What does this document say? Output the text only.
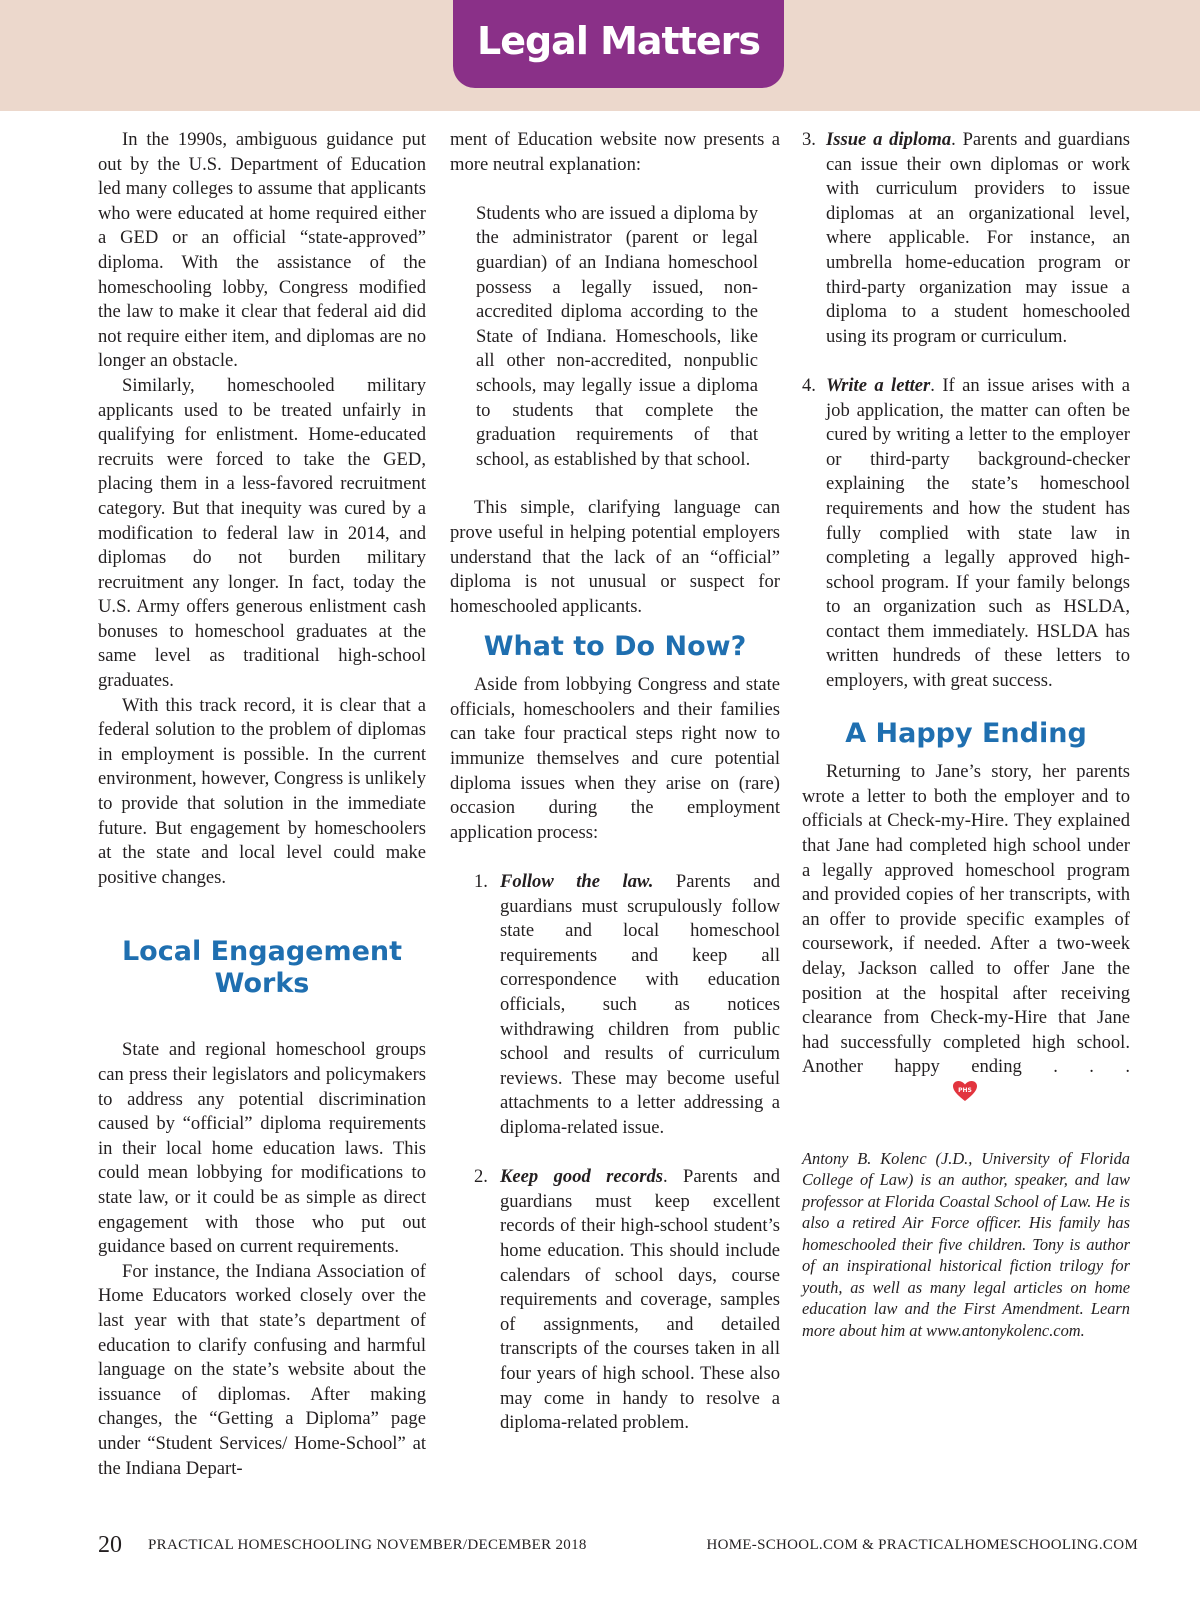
Legal Matters

In the 1990s, ambiguous guidance put out by the U.S. Department of Education led many colleges to assume that applicants who were educated at home required either a GED or an official “state-approved” diploma. With the assistance of the homeschooling lobby, Congress modified the law to make it clear that federal aid did not require either item, and diplomas are no longer an obstacle.

Similarly, homeschooled military applicants used to be treated unfairly in qualifying for enlistment. Home-educated recruits were forced to take the GED, placing them in a less-favored recruitment category. But that inequity was cured by a modification to federal law in 2014, and diplomas do not burden military recruitment any longer. In fact, today the U.S. Army offers generous enlistment cash bonuses to homeschool graduates at the same level as traditional high-school graduates.

With this track record, it is clear that a federal solution to the problem of diplomas in employment is possible. In the current environment, however, Congress is unlikely to provide that solution in the immediate future. But engagement by homeschoolers at the state and local level could make positive changes.

Local Engagement Works

State and regional homeschool groups can press their legislators and policymakers to address any potential discrimination caused by “official” diploma requirements in their local home education laws. This could mean lobbying for modifications to state law, or it could be as simple as direct engagement with those who put out guidance based on current requirements.

For instance, the Indiana Association of Home Educators worked closely over the last year with that state’s department of education to clarify confusing and harmful language on the state’s website about the issuance of diplomas. After making changes, the “Getting a Diploma” page under “Student Services/ Home-School” at the Indiana Depart-

ment of Education website now presents a more neutral explanation:

Students who are issued a diploma by the administrator (parent or legal guardian) of an Indiana homeschool possess a legally issued, non-accredited diploma according to the State of Indiana. Homeschools, like all other non-accredited, nonpublic schools, may legally issue a diploma to students that complete the graduation requirements of that school, as established by that school.

This simple, clarifying language can prove useful in helping potential employers understand that the lack of an “official” diploma is not unusual or suspect for homeschooled applicants.

What to Do Now?

Aside from lobbying Congress and state officials, homeschoolers and their families can take four practical steps right now to immunize themselves and cure potential diploma issues when they arise on (rare) occasion during the employment application process:

1. Follow the law. Parents and guardians must scrupulously follow state and local homeschool requirements and keep all correspondence with education officials, such as notices withdrawing children from public school and results of curriculum reviews. These may become useful attachments to a letter addressing a diploma-related issue.

2. Keep good records. Parents and guardians must keep excellent records of their high-school student’s home education. This should include calendars of school days, course requirements and coverage, samples of assignments, and detailed transcripts of the courses taken in all four years of high school. These also may come in handy to resolve a diploma-related problem.

3. Issue a diploma. Parents and guardians can issue their own diplomas or work with curriculum providers to issue diplomas at an organizational level, where applicable. For instance, an umbrella home-education program or third-party organization may issue a diploma to a student homeschooled using its program or curriculum.

4. Write a letter. If an issue arises with a job application, the matter can often be cured by writing a letter to the employer or third-party background-checker explaining the state’s homeschool requirements and how the student has fully complied with state law in completing a legally approved high-school program. If your family belongs to an organization such as HSLDA, contact them immediately. HSLDA has written hundreds of these letters to employers, with great success.

A Happy Ending

Returning to Jane’s story, her parents wrote a letter to both the employer and to officials at Check-my-Hire. They explained that Jane had completed high school under a legally approved homeschool program and provided copies of her transcripts, with an offer to provide specific examples of coursework, if needed. After a two-week delay, Jackson called to offer Jane the position at the hospital after receiving clearance from Check-my-Hire that Jane had successfully completed high school. Another happy ending . . .
PHS

Antony B. Kolenc (J.D., University of Florida College of Law) is an author, speaker, and law professor at Florida Coastal School of Law. He is also a retired Air Force officer. His family has homeschooled their five children. Tony is author of an inspirational historical fiction trilogy for youth, as well as many legal articles on home education law and the First Amendment. Learn more about him at www.antonykolenc.com.

20 PRACTICAL HOMESCHOOLING NOVEMBER/DECEMBER 2018	HOME-SCHOOL.COM & PRACTICALHOMESCHOOLING.COM
